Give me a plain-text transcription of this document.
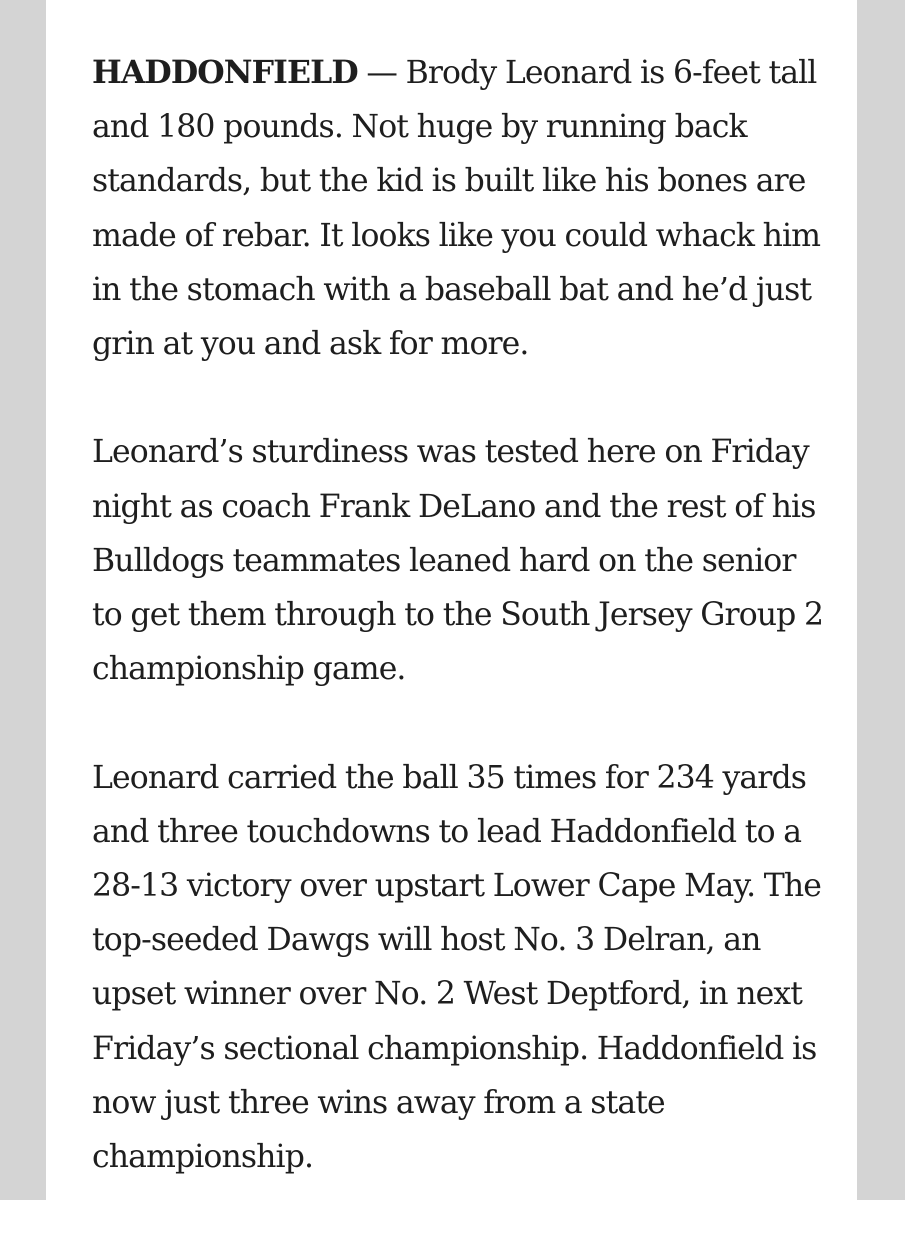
HADDONFIELD — Brody Leonard is 6-feet tall and 180 pounds. Not huge by running back standards, but the kid is built like his bones are made of rebar. It looks like you could whack him in the stomach with a baseball bat and he’d just grin at you and ask for more.

Leonard’s sturdiness was tested here on Friday night as coach Frank DeLano and the rest of his Bulldogs teammates leaned hard on the senior to get them through to the South Jersey Group 2 championship game.

Leonard carried the ball 35 times for 234 yards and three touchdowns to lead Haddonfield to a 28-13 victory over upstart Lower Cape May. The top-seeded Dawgs will host No. 3 Delran, an upset winner over No. 2 West Deptford, in next Friday’s sectional championship. Haddonfield is now just three wins away from a state championship.
